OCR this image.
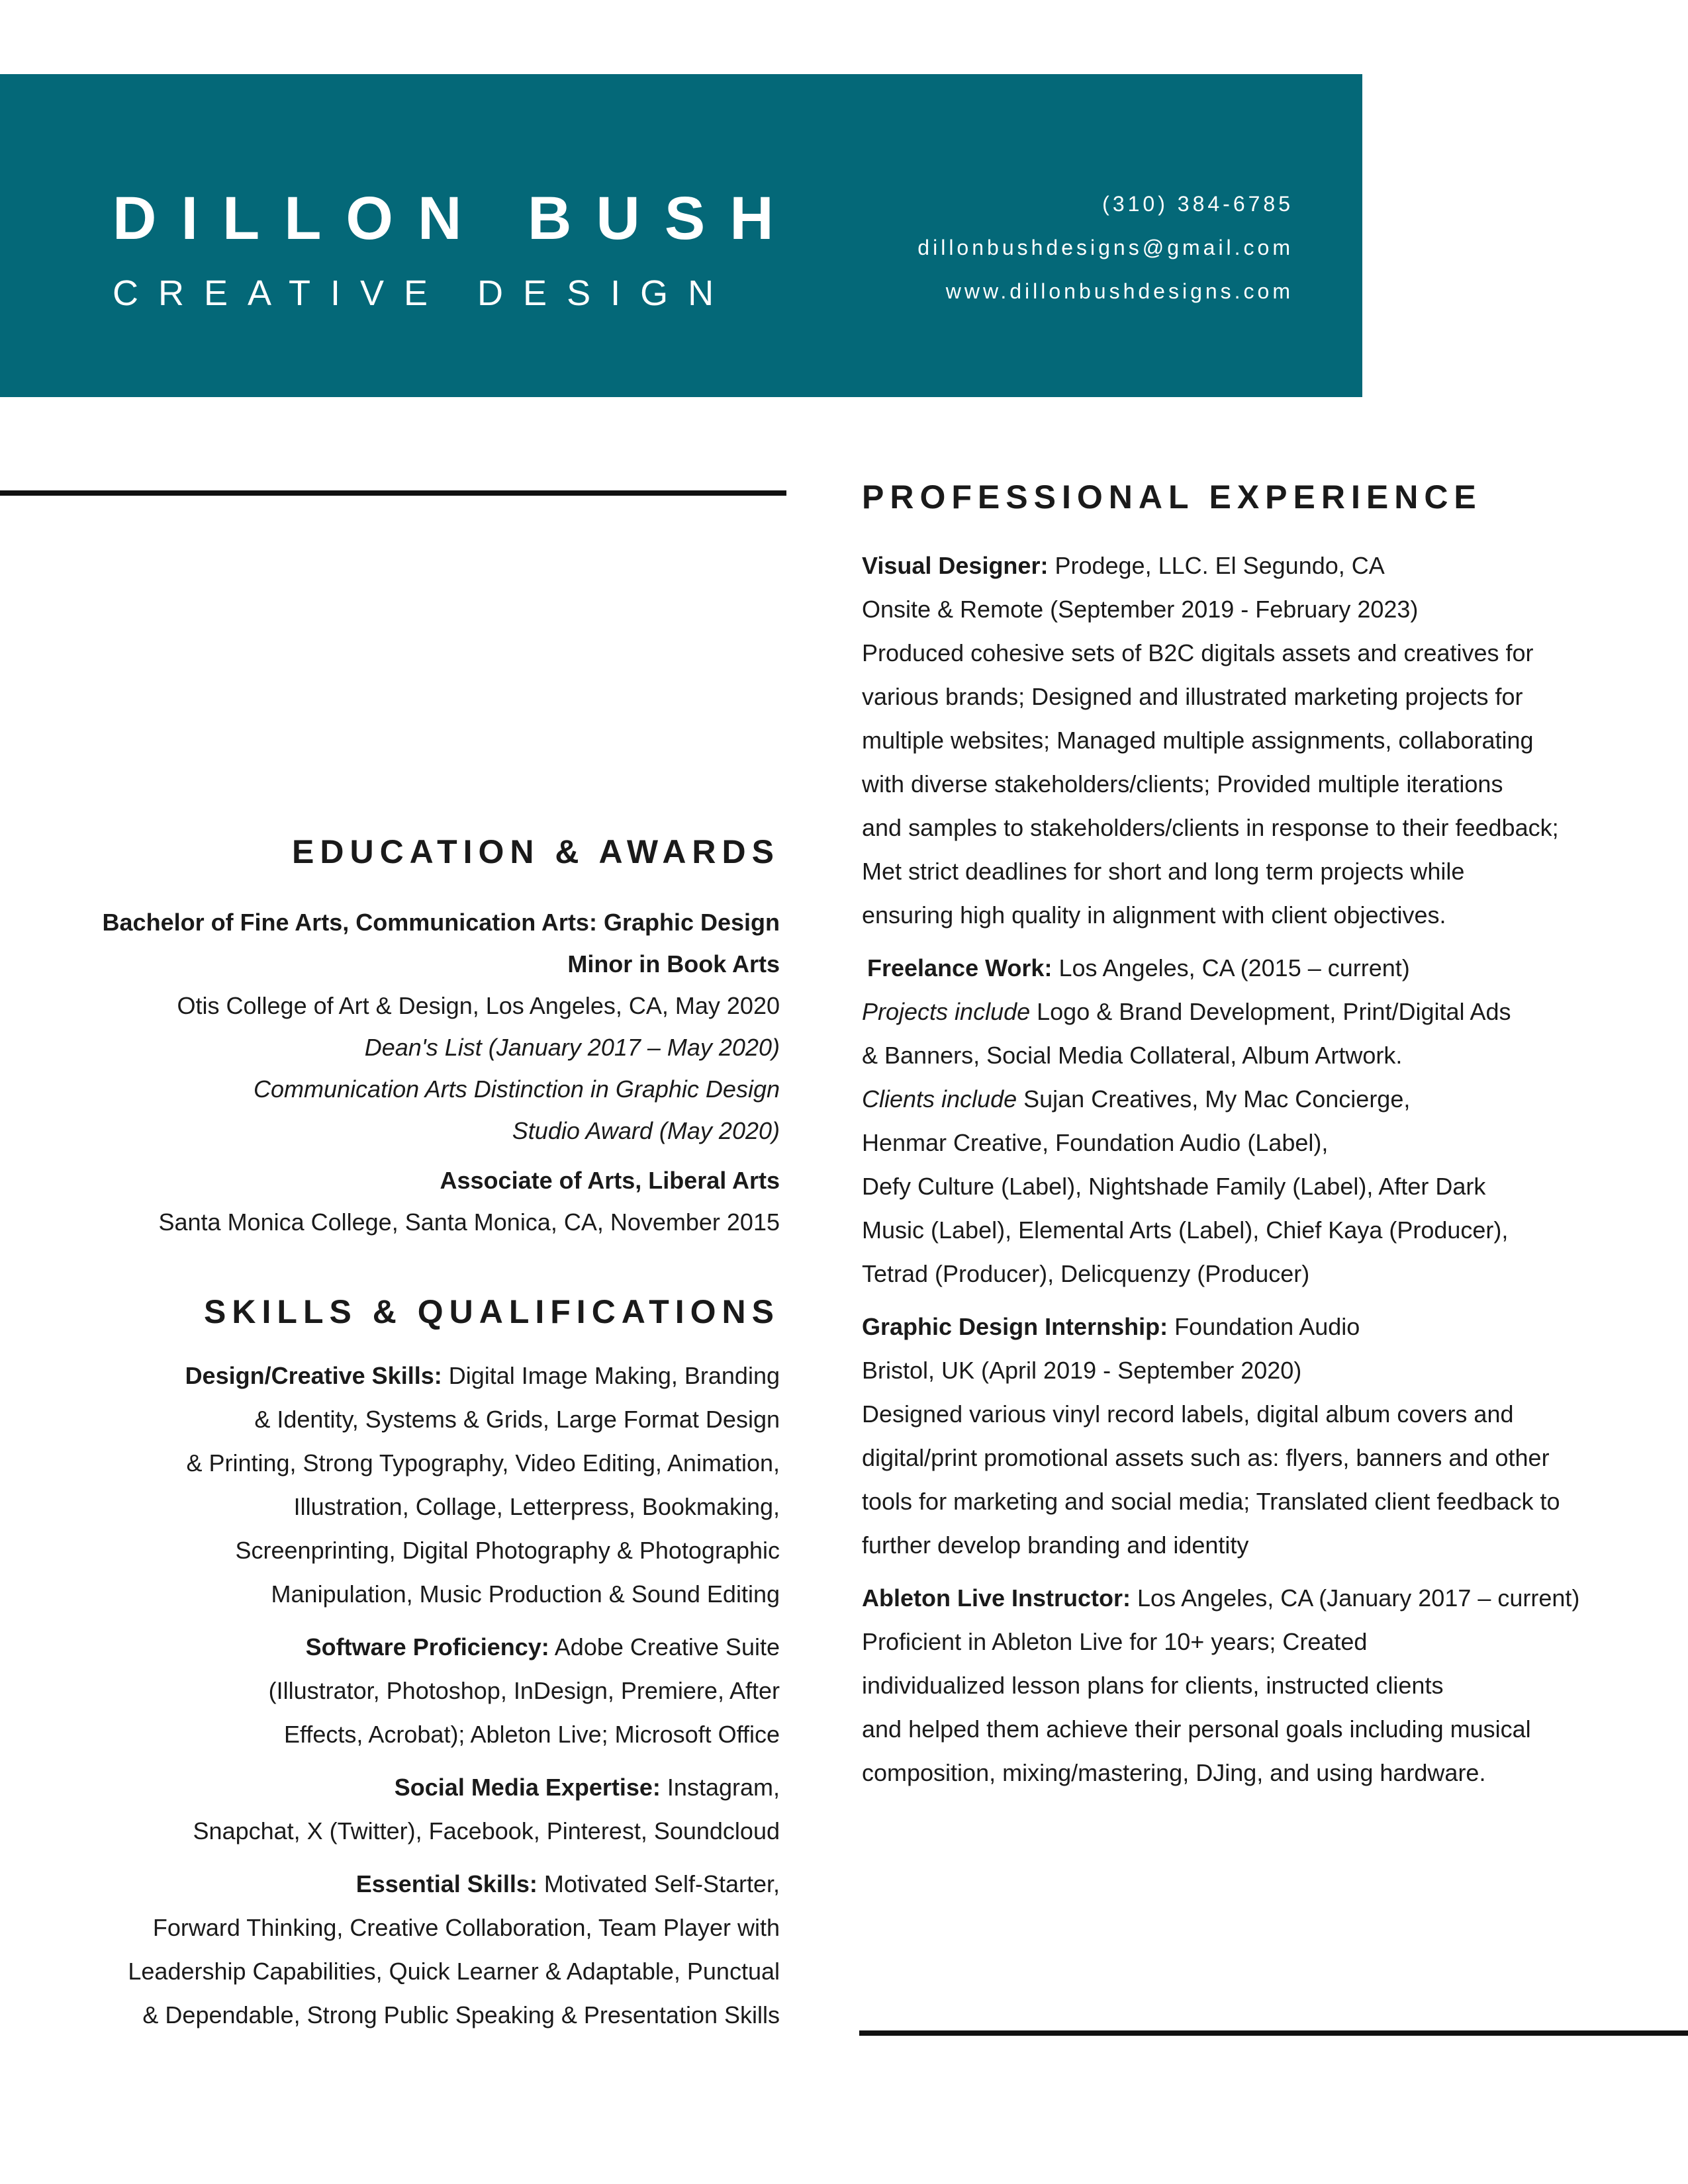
DILLON BUSH
CREATIVE DESIGN
(310) 384-6785
dillonbushdesigns@gmail.com
www.dillonbushdesigns.com
EDUCATION & AWARDS
Bachelor of Fine Arts, Communication Arts: Graphic Design
Minor in Book Arts
Otis College of Art & Design, Los Angeles, CA, May 2020
Dean's List (January 2017 – May 2020)
Communication Arts Distinction in Graphic Design
Studio Award (May 2020)
Associate of Arts, Liberal Arts
Santa Monica College, Santa Monica, CA, November 2015
SKILLS & QUALIFICATIONS
Design/Creative Skills: Digital Image Making, Branding
& Identity, Systems & Grids, Large Format Design
& Printing, Strong Typography, Video Editing, Animation,
Illustration, Collage, Letterpress, Bookmaking,
Screenprinting, Digital Photography & Photographic
Manipulation, Music Production & Sound Editing
Software Proficiency: Adobe Creative Suite
(Illustrator, Photoshop, InDesign, Premiere, After
Effects, Acrobat); Ableton Live; Microsoft Office
Social Media Expertise: Instagram,
Snapchat, X (Twitter), Facebook, Pinterest, Soundcloud
Essential Skills: Motivated Self-Starter,
Forward Thinking, Creative Collaboration, Team Player with
Leadership Capabilities, Quick Learner & Adaptable, Punctual
& Dependable, Strong Public Speaking & Presentation Skills
PROFESSIONAL EXPERIENCE
Visual Designer: Prodege, LLC. El Segundo, CA
Onsite & Remote (September 2019 - February 2023)
Produced cohesive sets of B2C digitals assets and creatives for
various brands; Designed and illustrated marketing projects for
multiple websites; Managed multiple assignments, collaborating
with diverse stakeholders/clients; Provided multiple iterations
and samples to stakeholders/clients in response to their feedback;
Met strict deadlines for short and long term projects while
ensuring high quality in alignment with client objectives.
Freelance Work: Los Angeles, CA (2015 – current)
Projects include Logo & Brand Development, Print/Digital Ads
& Banners, Social Media Collateral, Album Artwork.
Clients include Sujan Creatives, My Mac Concierge,
Henmar Creative, Foundation Audio (Label),
Defy Culture (Label), Nightshade Family (Label), After Dark
Music (Label), Elemental Arts (Label), Chief Kaya (Producer),
Tetrad (Producer), Delicquenzy (Producer)
Graphic Design Internship: Foundation Audio
Bristol, UK (April 2019 - September 2020)
Designed various vinyl record labels, digital album covers and
digital/print promotional assets such as: flyers, banners and other
tools for marketing and social media; Translated client feedback to
further develop branding and identity
Ableton Live Instructor: Los Angeles, CA (January 2017 – current)
Proficient in Ableton Live for 10+ years; Created
individualized lesson plans for clients, instructed clients
and helped them achieve their personal goals including musical
composition, mixing/mastering, DJing, and using hardware.
